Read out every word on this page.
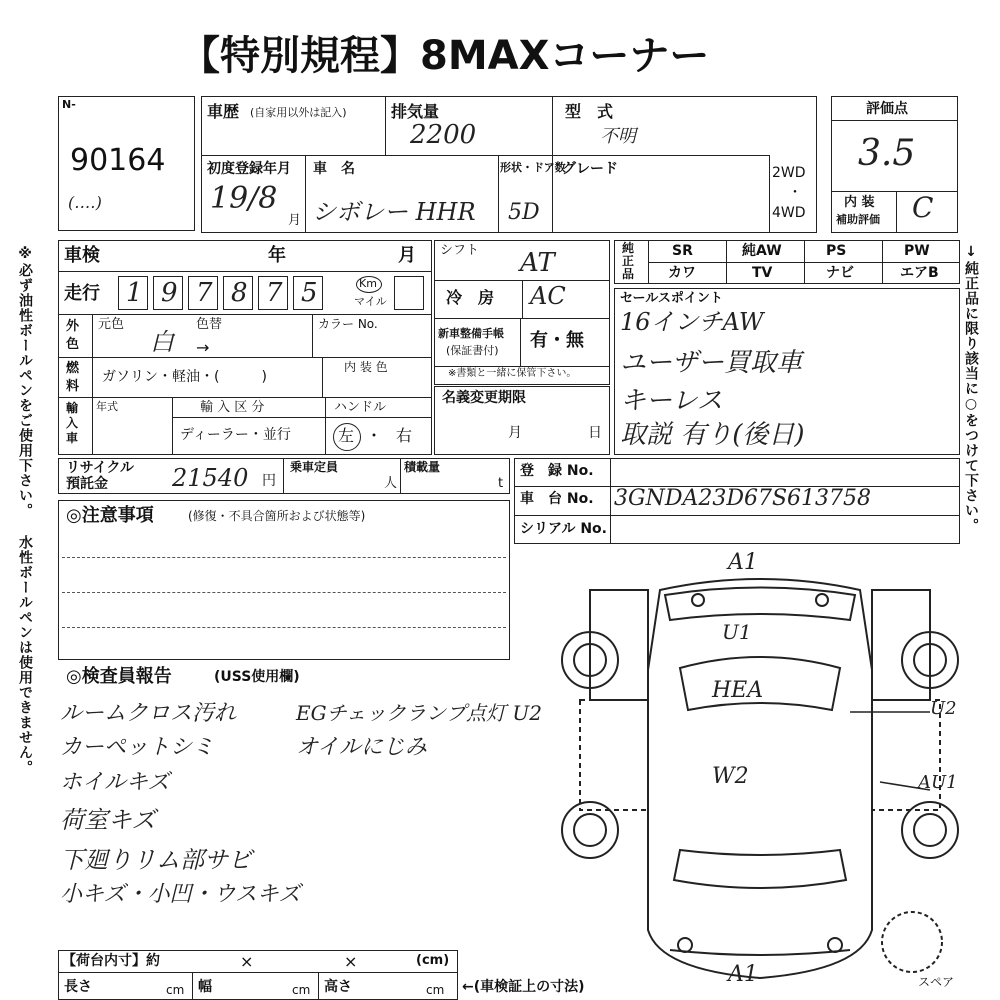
【特別規程】8MAXコーナー
※必ず油性ボールペンをご使用下さい。 水性ボールペンは使用できません。	↓純正品に限り該当に○をつけて下さい。
N-
90164
(‥‥)
車歴 (自家用以外は記入)	排気量
2200
型　式
不明
初度登録年月
19/8
月
車　名
シボレー HHR
形状・ドア数
5D
グレード	2WD
・
4WD
評価点
3.5
内 装
補助評価 C
車検	年	月
走行 1 9 7 8 7 5	Km
マイル
外色
元色
白
色替
→
カラー No.
燃料
ガソリン・軽油・(　　　)
内 装 色
輸入車
年式	輸 入 区 分
ディーラー・並行
ハンドル
左 ・ 右
リサイクル
預託金	21540 円
乗車定員
人
積載量
t
シフト AT
冷　房 AC
新車整備手帳
(保証書付) 有・無
※書類と一緒に保管下さい。
名義変更期限
月	日
純正品
SR	純AW	PS	PW
カワ	TV	ナビ	エアB
セールスポイント
16インチAW
ユーザー買取車
キーレス
取説 有り(後日)
登　録 No.
車　台 No. 3GNDA23D67S613758
シリアル No.
◎注意事項	(修復・不具合箇所および状態等)
◎検査員報告	(USS使用欄)
ルームクロス汚れ
カーペットシミ
ホイルキズ
荷室キズ
下廻りリム部サビ
小キズ・小凹・ウスキズ
EGチェックランプ点灯 U2
オイルにじみ
A1
U1
HEA
W2
U2
AU1
A1	スペア
【荷台内寸】約	×	×	(cm)
長さ	cm 幅	cm 高さ	cm ←(車検証上の寸法)
